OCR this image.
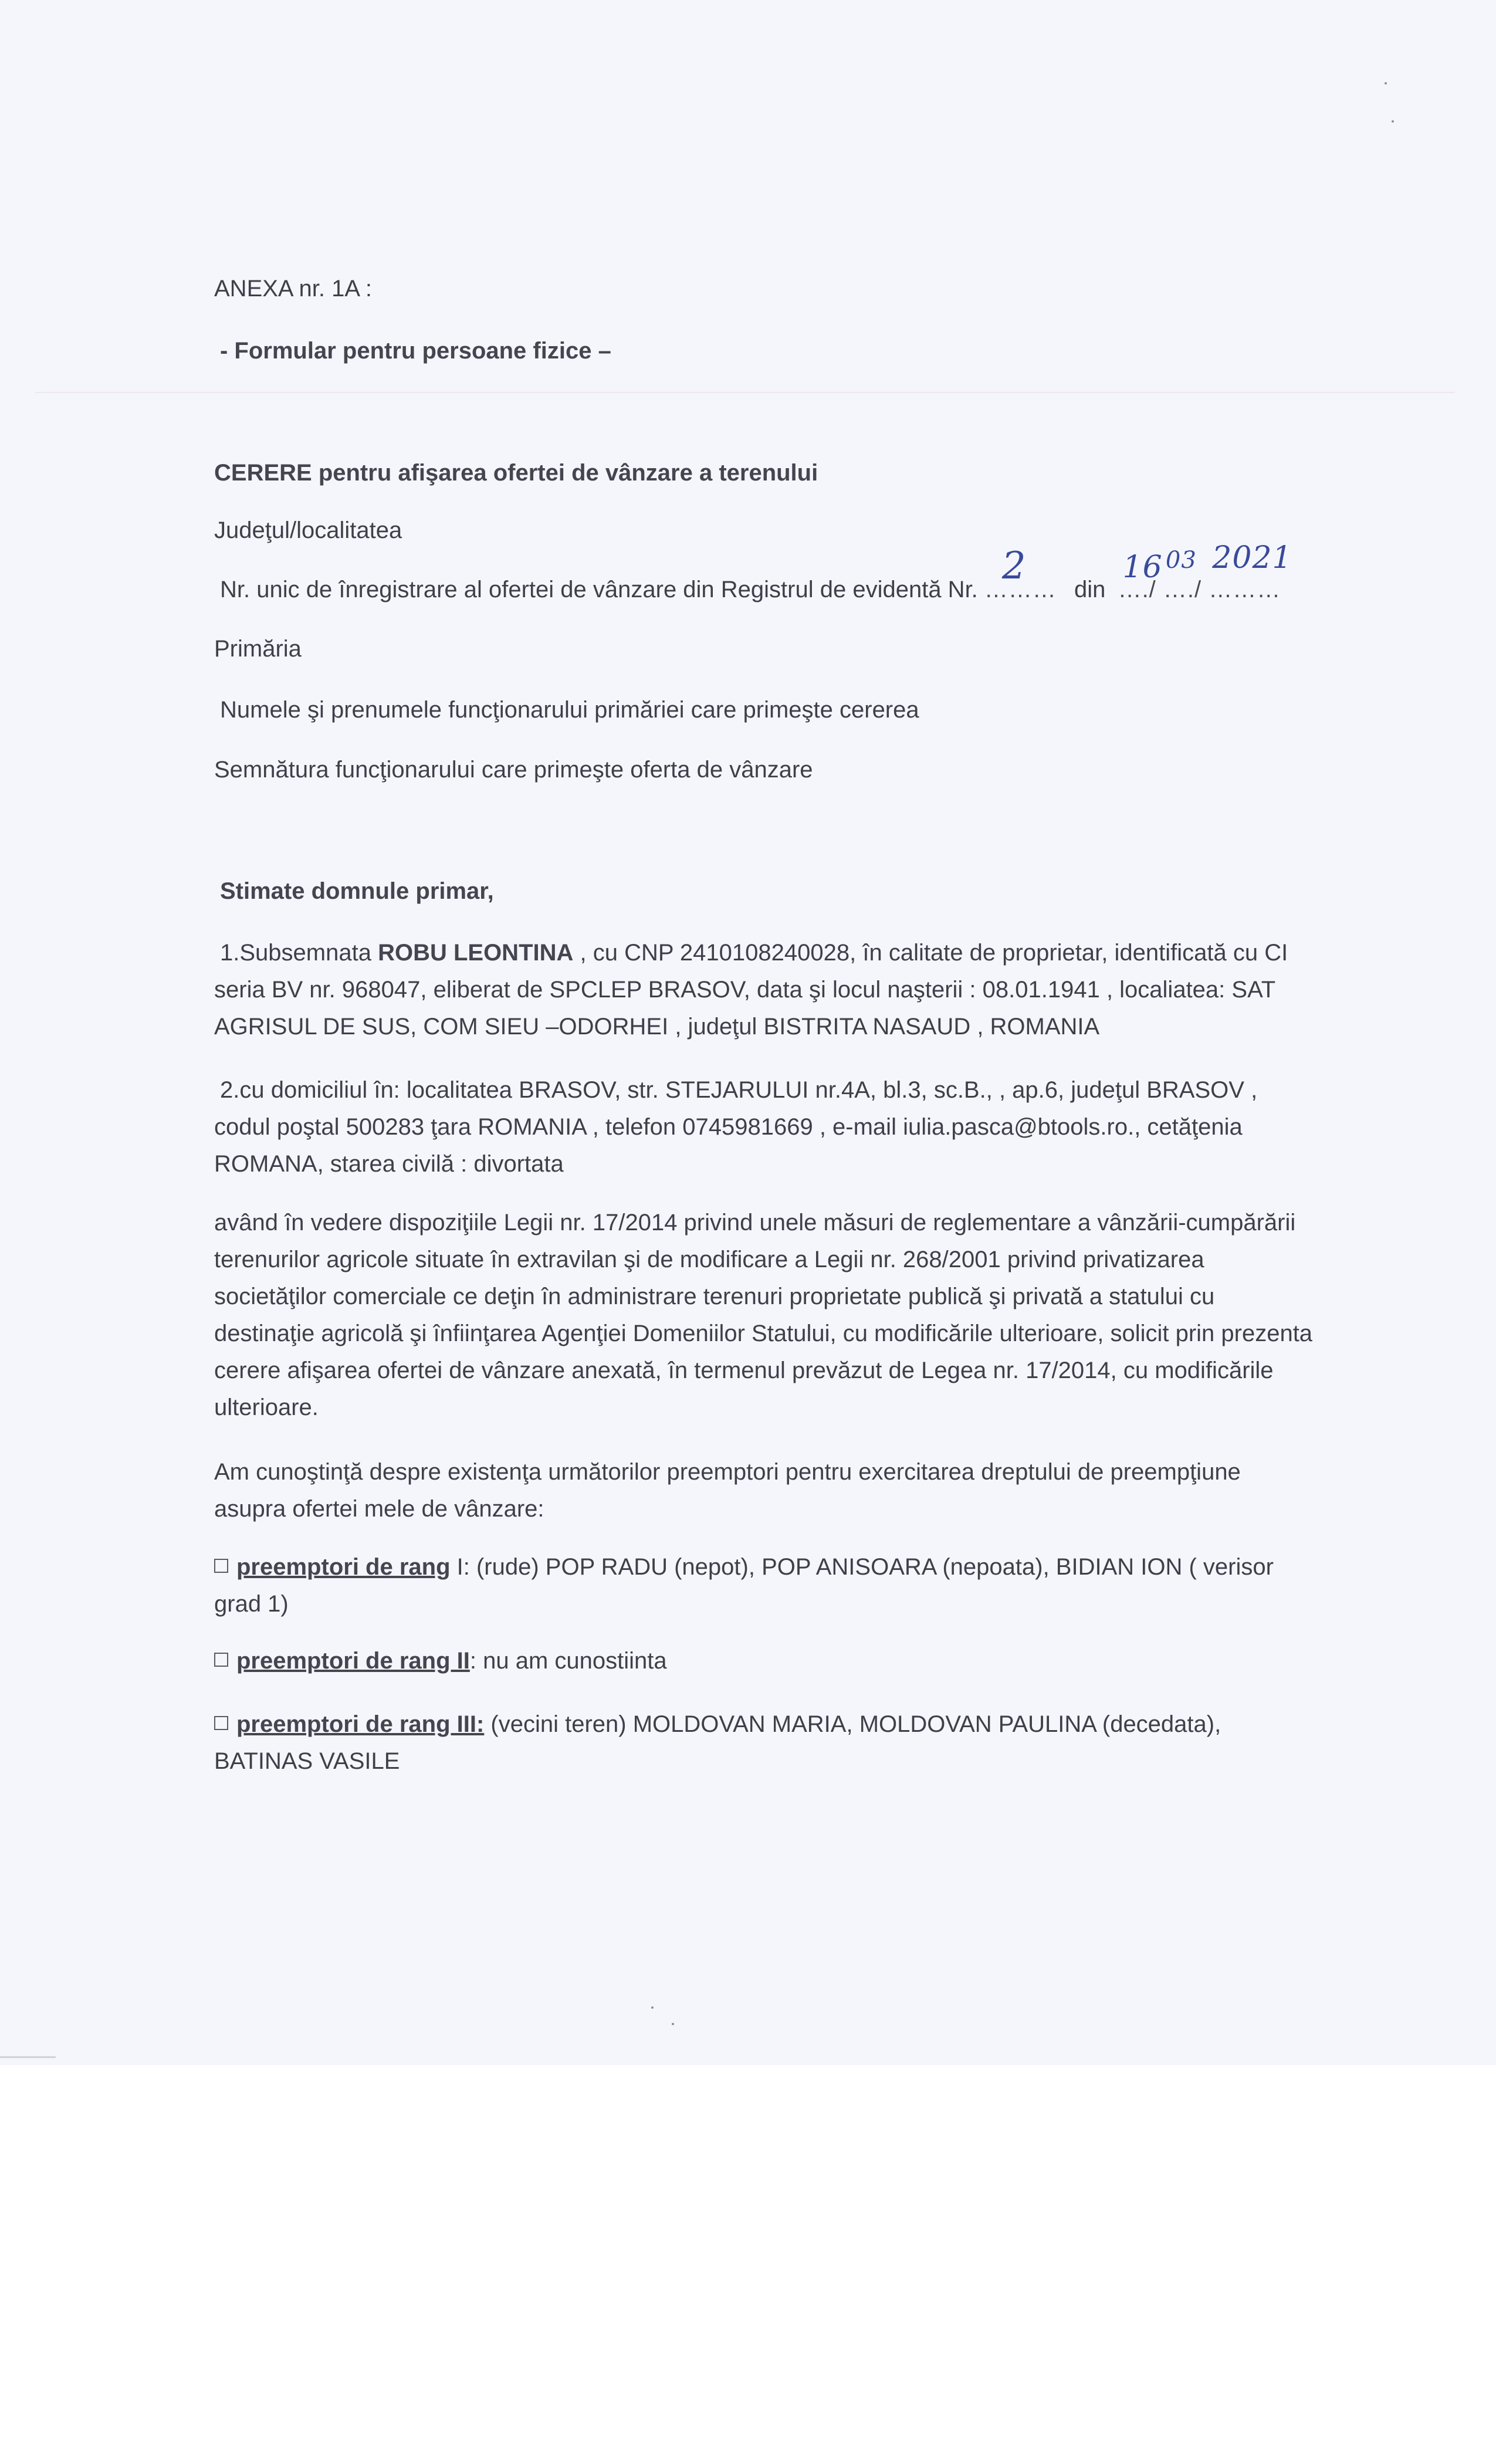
ANEXA nr. 1A :

- Formular pentru persoane fizice –

CERERE pentru afişarea ofertei de vânzare a terenului

Judeţul/localitatea

Nr. unic de înregistrare al ofertei de vânzare din Registrul de evidentă Nr. ………
2
din …./
16
…./
03
………
2021

Primăria

Numele şi prenumele funcţionarului primăriei care primeşte cererea

Semnătura funcţionarului care primeşte oferta de vânzare

Stimate domnule primar,

1.Subsemnata ROBU LEONTINA , cu CNP 2410108240028, în calitate de proprietar, identificată cu CI seria BV nr. 968047, eliberat de SPCLEP BRASOV, data şi locul naşterii : 08.01.1941 , localiatea: SAT AGRISUL DE SUS, COM SIEU –ODORHEI , judeţul BISTRITA NASAUD , ROMANIA

2.cu domiciliul în: localitatea BRASOV, str. STEJARULUI nr.4A, bl.3, sc.B., , ap.6, judeţul BRASOV , codul poştal 500283 ţara ROMANIA , telefon 0745981669 , e-mail iulia.pasca@btools.ro., cetăţenia ROMANA, starea civilă : divortata

având în vedere dispoziţiile Legii nr. 17/2014 privind unele măsuri de reglementare a vânzării-cumpărării terenurilor agricole situate în extravilan şi de modificare a Legii nr. 268/2001 privind privatizarea societăţilor comerciale ce deţin în administrare terenuri proprietate publică şi privată a statului cu destinaţie agricolă şi înfiinţarea Agenţiei Domeniilor Statului, cu modificările ulterioare, solicit prin prezenta cerere afişarea ofertei de vânzare anexată, în termenul prevăzut de Legea nr. 17/2014, cu modificările ulterioare.

Am cunoştinţă despre existenţa următorilor preemptori pentru exercitarea dreptului de preempţiune asupra ofertei mele de vânzare:

preemptori de rang I: (rude) POP RADU (nepot), POP ANISOARA (nepoata), BIDIAN ION ( verisor grad 1)

preemptori de rang II: nu am cunostiinta

preemptori de rang III: (vecini teren) MOLDOVAN MARIA, MOLDOVAN PAULINA (decedata), BATINAS VASILE
